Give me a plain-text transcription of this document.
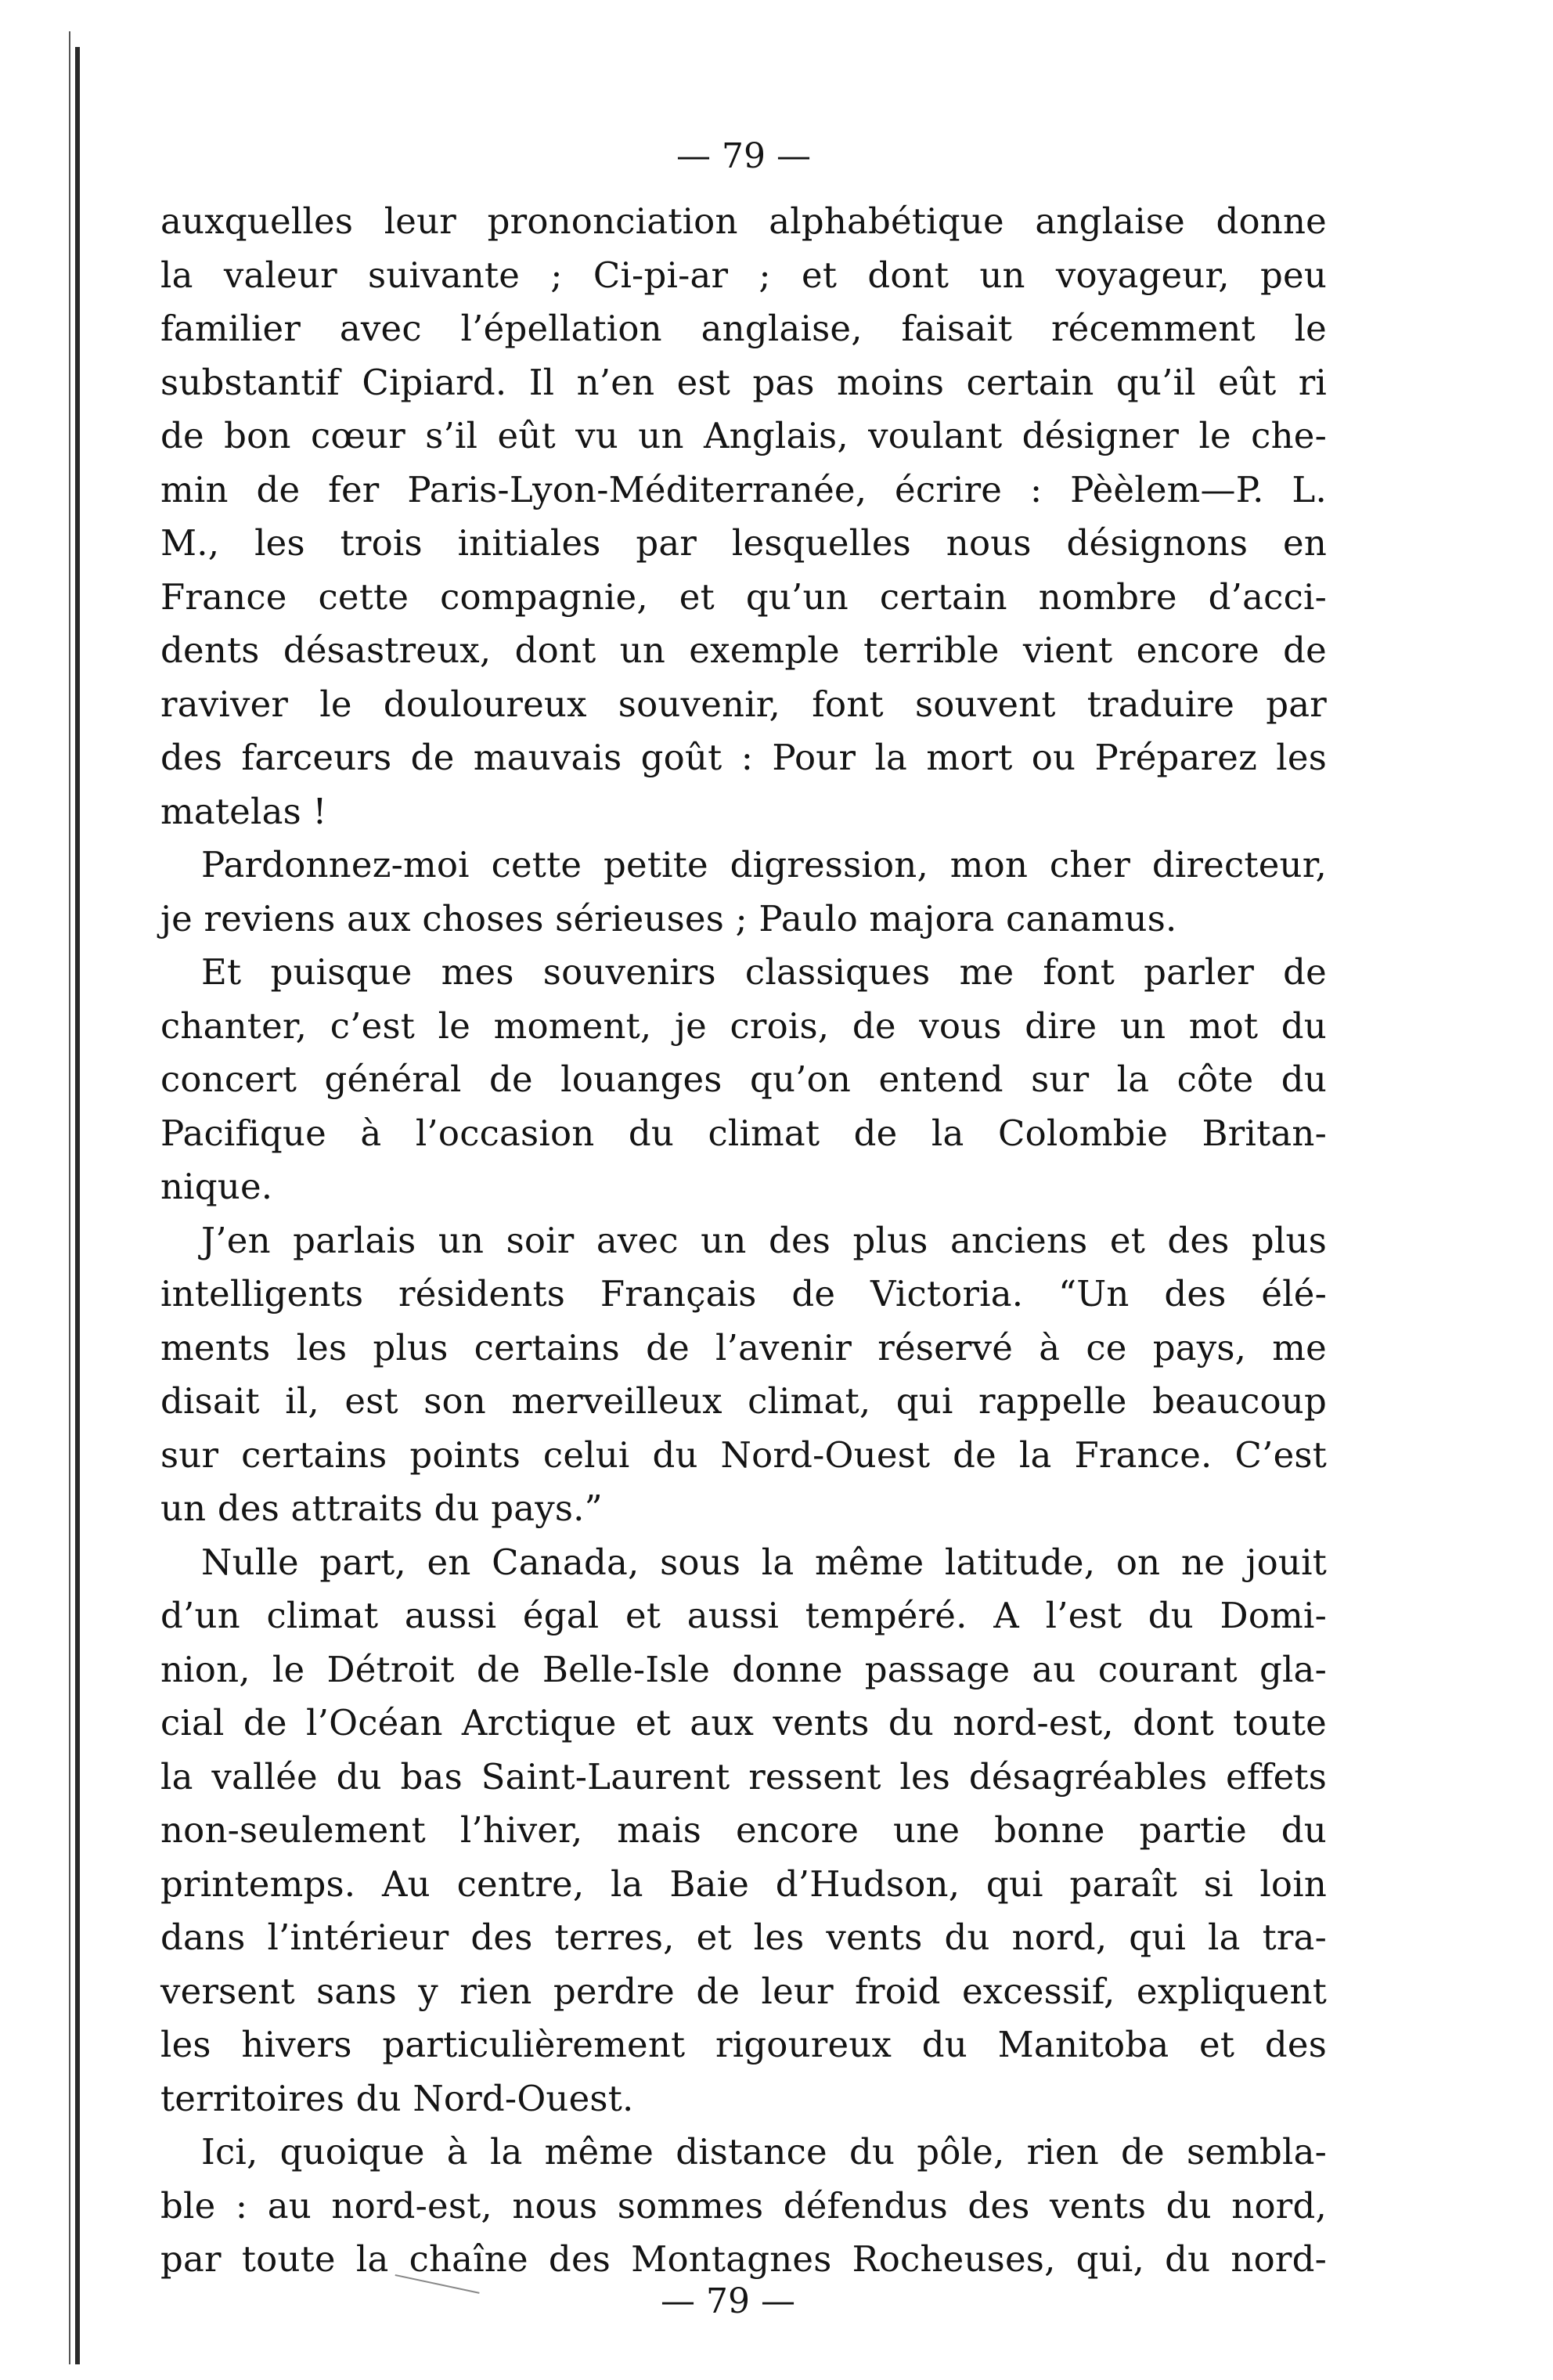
— 79 —
auxquelles leur prononciation alphabétique anglaise donne
la valeur suivante ; Ci-pi-ar ; et dont un voyageur, peu
familier avec l’épellation anglaise, faisait récemment le
substantif Cipiard. Il n’en est pas moins certain qu’il eût ri
de bon cœur s’il eût vu un Anglais, voulant désigner le che-
min de fer Paris-Lyon-Méditerranée, écrire : Pèèlem—P. L.
M., les trois initiales par lesquelles nous désignons en
France cette compagnie, et qu’un certain nombre d’acci-
dents désastreux, dont un exemple terrible vient encore de
raviver le douloureux souvenir, font souvent traduire par
des farceurs de mauvais goût : Pour la mort ou Préparez les
matelas !
Pardonnez-moi cette petite digression, mon cher directeur,
je reviens aux choses sérieuses ; Paulo majora canamus.
Et puisque mes souvenirs classiques me font parler de
chanter, c’est le moment, je crois, de vous dire un mot du
concert général de louanges qu’on entend sur la côte du
Pacifique à l’occasion du climat de la Colombie Britan-
nique.
J’en parlais un soir avec un des plus anciens et des plus
intelligents résidents Français de Victoria. “Un des élé-
ments les plus certains de l’avenir réservé à ce pays, me
disait il, est son merveilleux climat, qui rappelle beaucoup
sur certains points celui du Nord-Ouest de la France. C’est
un des attraits du pays.”
Nulle part, en Canada, sous la même latitude, on ne jouit
d’un climat aussi égal et aussi tempéré. A l’est du Domi-
nion, le Détroit de Belle-Isle donne passage au courant gla-
cial de l’Océan Arctique et aux vents du nord-est, dont toute
la vallée du bas Saint-Laurent ressent les désagréables effets
non-seulement l’hiver, mais encore une bonne partie du
printemps. Au centre, la Baie d’Hudson, qui paraît si loin
dans l’intérieur des terres, et les vents du nord, qui la tra-
versent sans y rien perdre de leur froid excessif, expliquent
les hivers particulièrement rigoureux du Manitoba et des
territoires du Nord-Ouest.
Ici, quoique à la même distance du pôle, rien de sembla-
ble : au nord-est, nous sommes défendus des vents du nord,
par toute la chaîne des Montagnes Rocheuses, qui, du nord-
— 79 —
